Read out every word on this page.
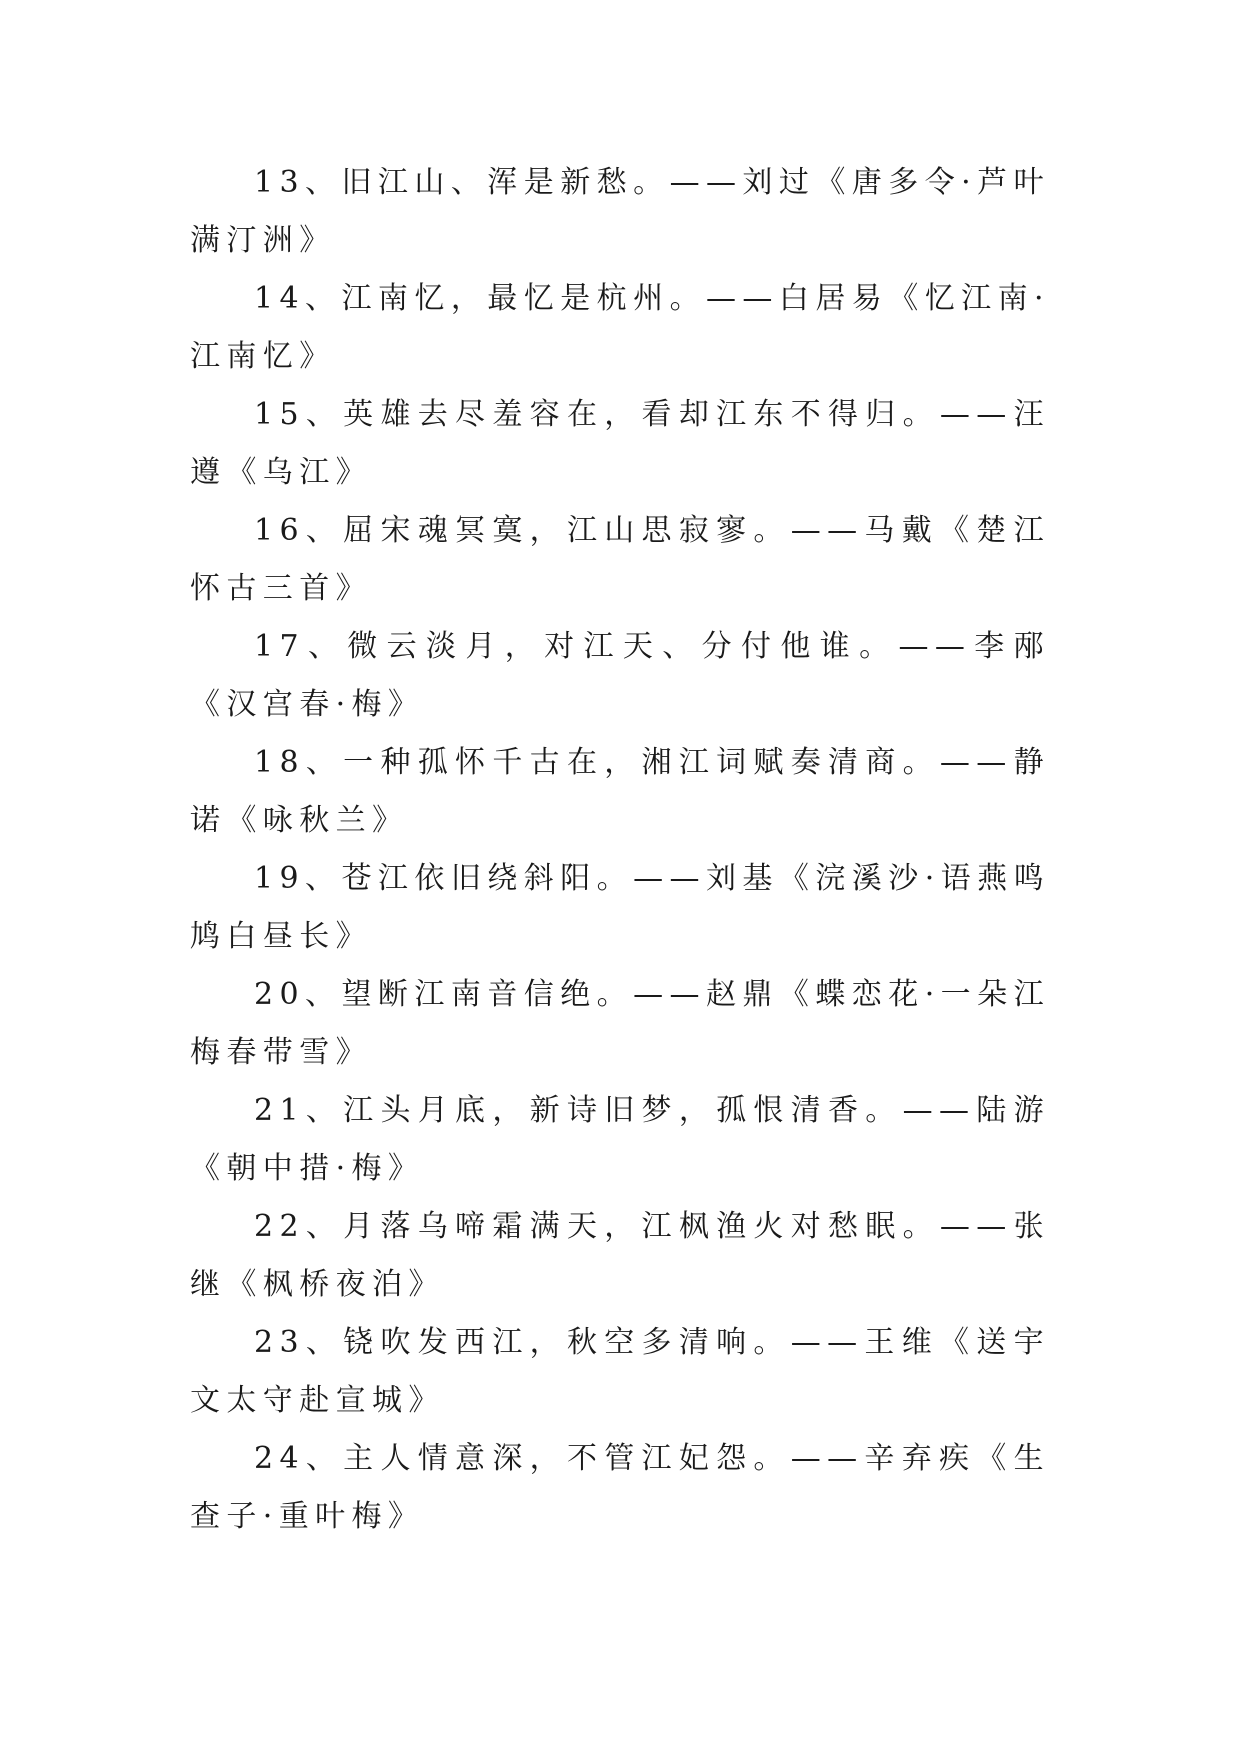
13、旧江山、浑是新愁。——刘过《唐多令·芦叶满汀洲》

14、江南忆，最忆是杭州。——白居易《忆江南·江南忆》

15、英雄去尽羞容在，看却江东不得归。——汪遵《乌江》

16、屈宋魂冥寞，江山思寂寥。——马戴《楚江怀古三首》

17、微云淡月，对江天、分付他谁。——李邴《汉宫春·梅》

18、一种孤怀千古在，湘江词赋奏清商。——静诺《咏秋兰》

19、苍江依旧绕斜阳。——刘基《浣溪沙·语燕鸣鸠白昼长》

20、望断江南音信绝。——赵鼎《蝶恋花·一朵江梅春带雪》

21、江头月底，新诗旧梦，孤恨清香。——陆游《朝中措·梅》

22、月落乌啼霜满天，江枫渔火对愁眠。——张继《枫桥夜泊》

23、铙吹发西江，秋空多清响。——王维《送宇文太守赴宣城》

24、主人情意深，不管江妃怨。——辛弃疾《生查子·重叶梅》
